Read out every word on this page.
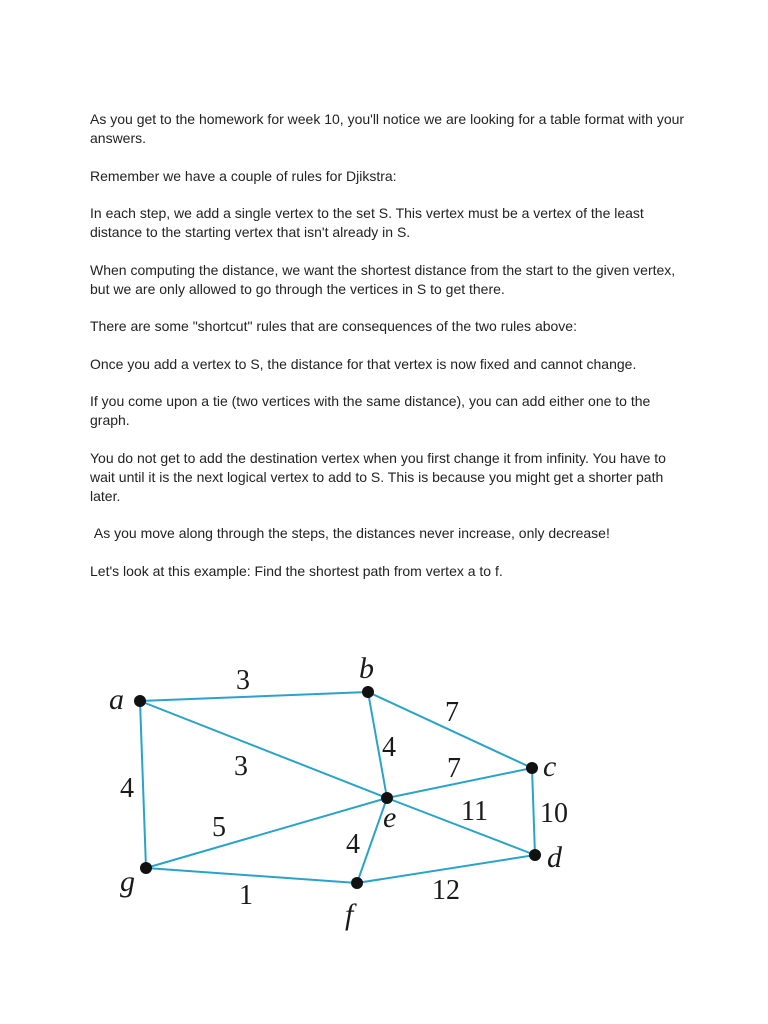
As you get to the homework for week 10, you'll notice we are looking for a table format with your answers.

Remember we have a couple of rules for Djikstra:

In each step, we add a single vertex to the set S. This vertex must be a vertex of the least distance to the starting vertex that isn't already in S.

When computing the distance, we want the shortest distance from the start to the given vertex, but we are only allowed to go through the vertices in S to get there.

There are some "shortcut" rules that are consequences of the two rules above:

Once you add a vertex to S, the distance for that vertex is now fixed and cannot change.

If you come upon a tie (two vertices with the same distance), you can add either one to the graph.

You do not get to add the destination vertex when you first change it from infinity. You have to wait until it is the next logical vertex to add to S. This is because you might get a shorter path later.

As you move along through the steps, the distances never increase, only decrease!

Let's look at this example: Find the shortest path from vertex a to f.

3
3
4
4
7
7
11 10
5
4
1	12
a
b
c
d
e
f
g
